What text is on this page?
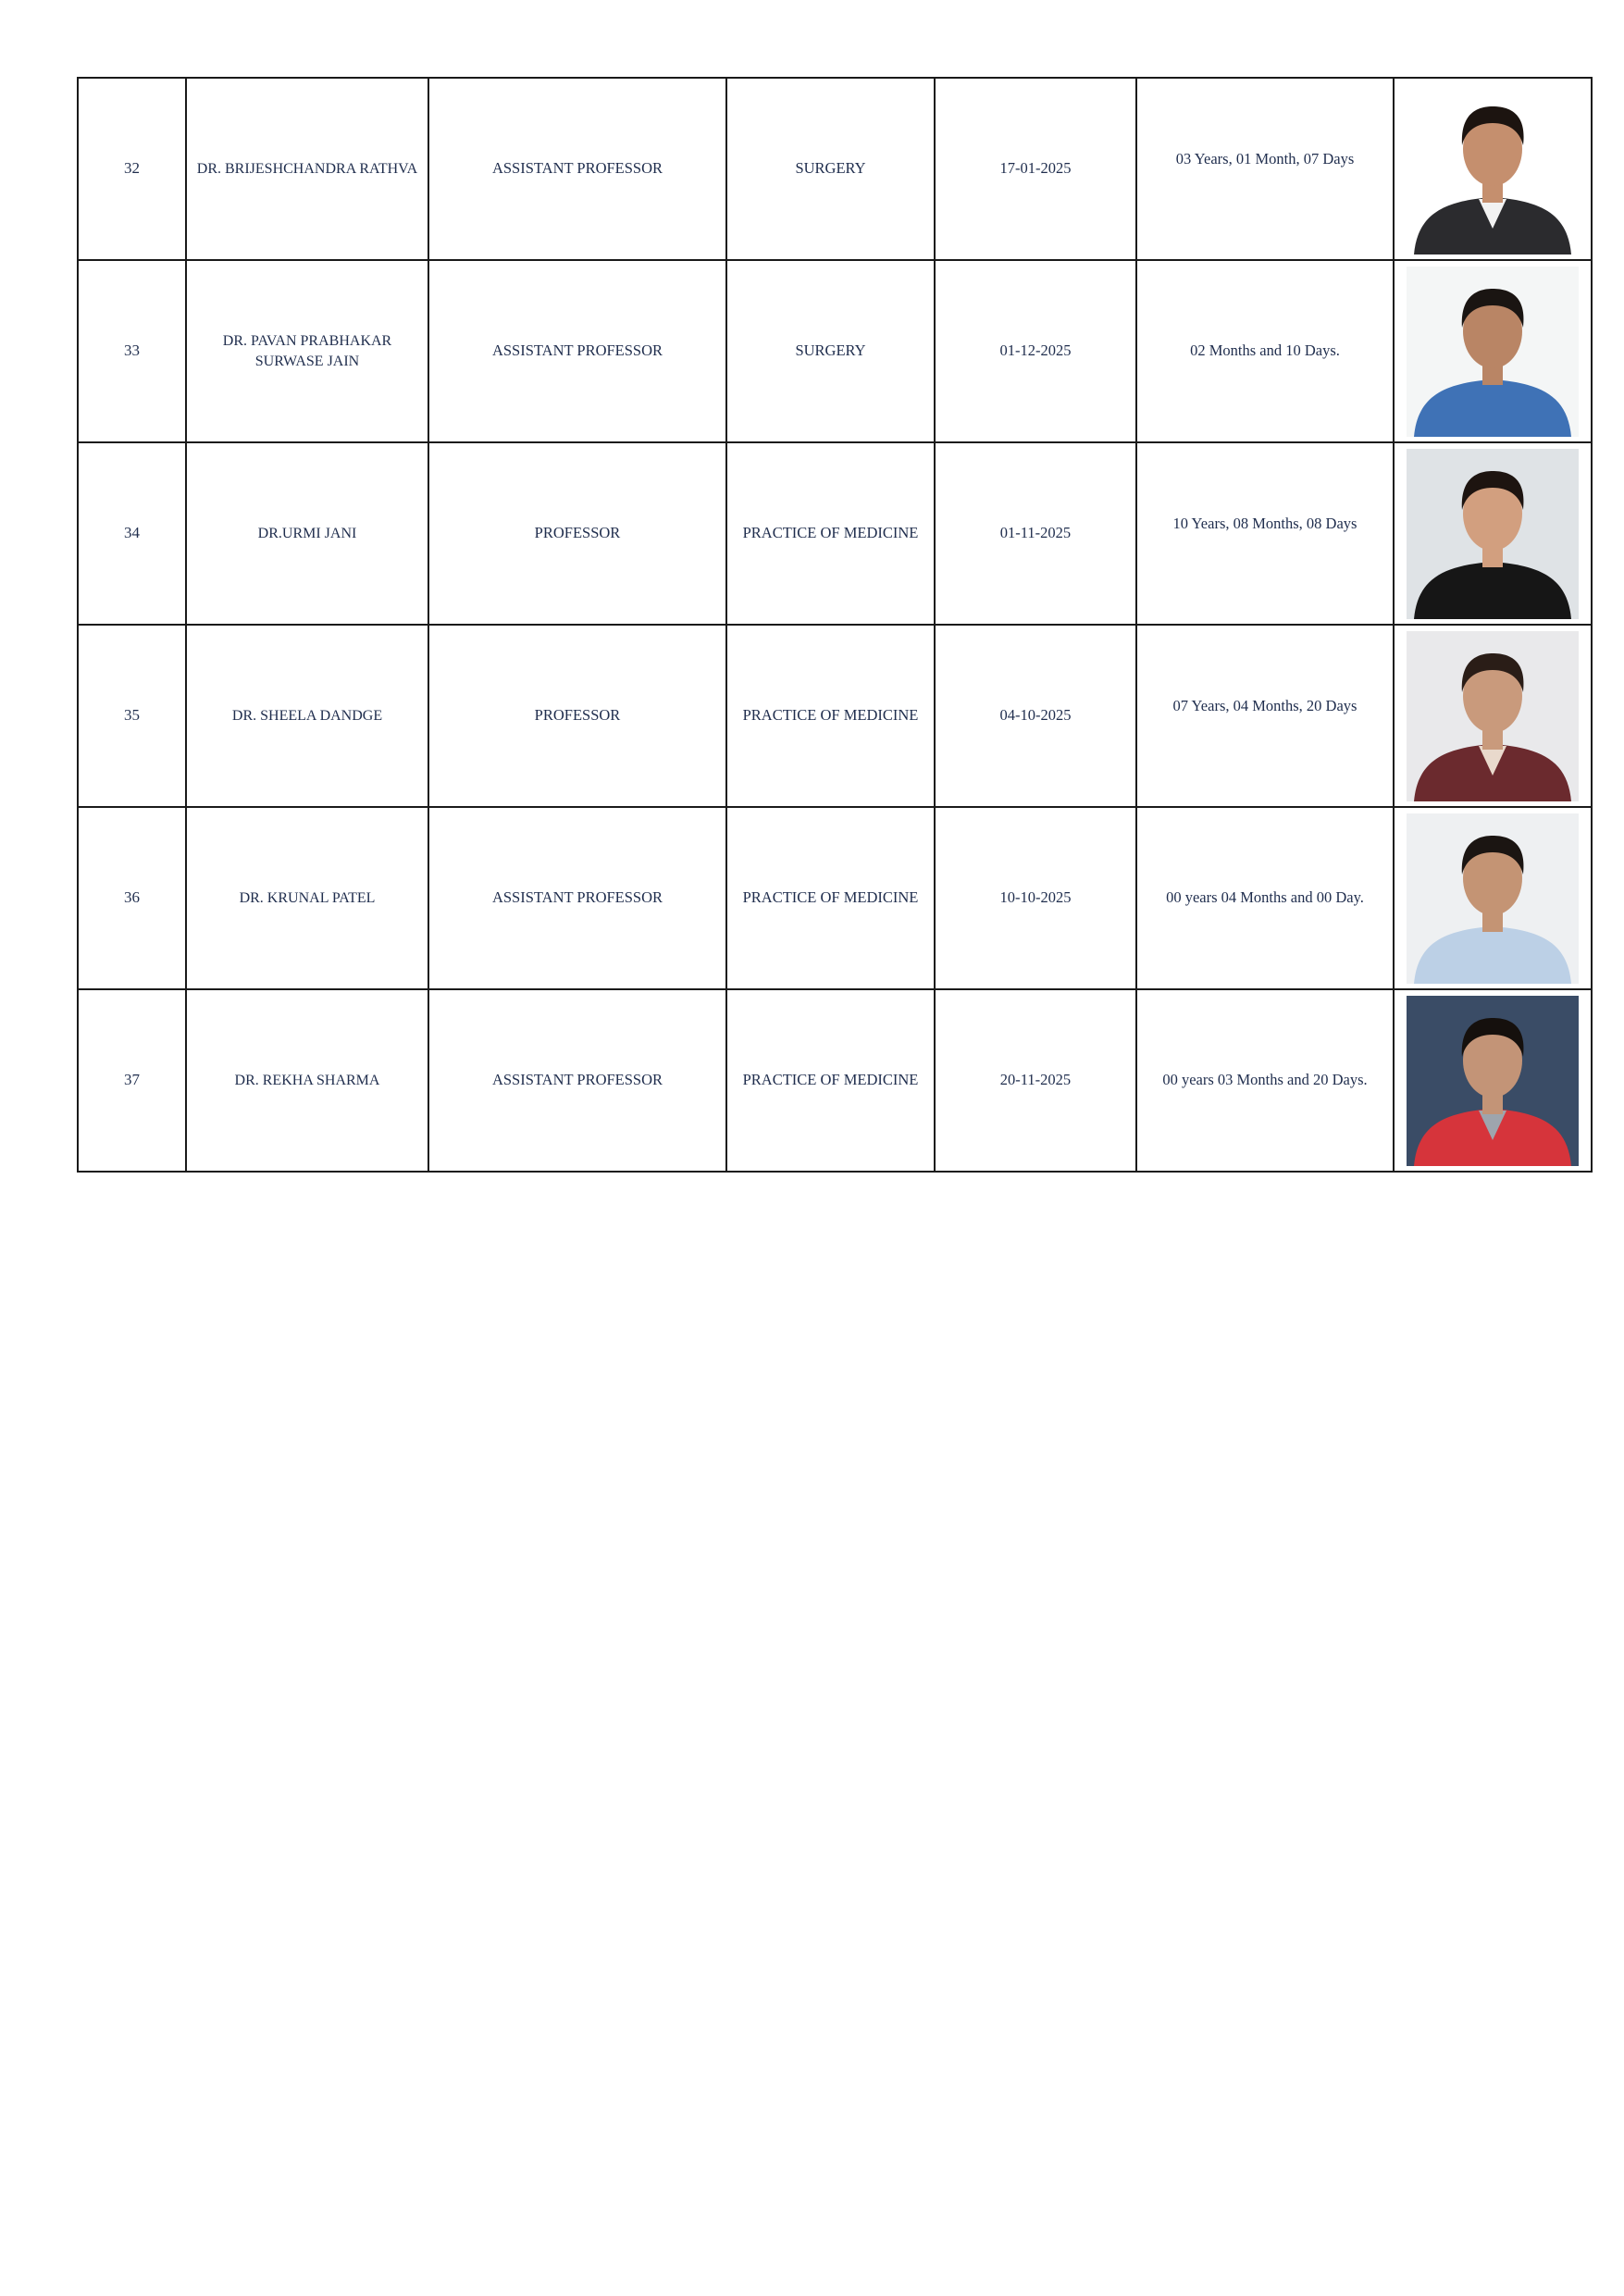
32	DR. BRIJESHCHANDRA RATHVA	ASSISTANT PROFESSOR	SURGERY	17-01-2025	03 Years, 01 Month, 07 Days	

33	DR. PAVAN PRABHAKAR SURWASE JAIN	ASSISTANT PROFESSOR	SURGERY	01-12-2025	02 Months and 10 Days.	

34	DR.URMI JANI	PROFESSOR	PRACTICE OF MEDICINE	01-11-2025	10 Years, 08 Months, 08 Days	

35	DR. SHEELA DANDGE	PROFESSOR	PRACTICE OF MEDICINE	04-10-2025	07 Years, 04 Months, 20 Days	

36	DR. KRUNAL PATEL	ASSISTANT PROFESSOR	PRACTICE OF MEDICINE	10-10-2025	00 years 04 Months and 00 Day.	

37	DR. REKHA SHARMA	ASSISTANT PROFESSOR	PRACTICE OF MEDICINE	20-11-2025	00 years 03 Months and 20 Days.	
